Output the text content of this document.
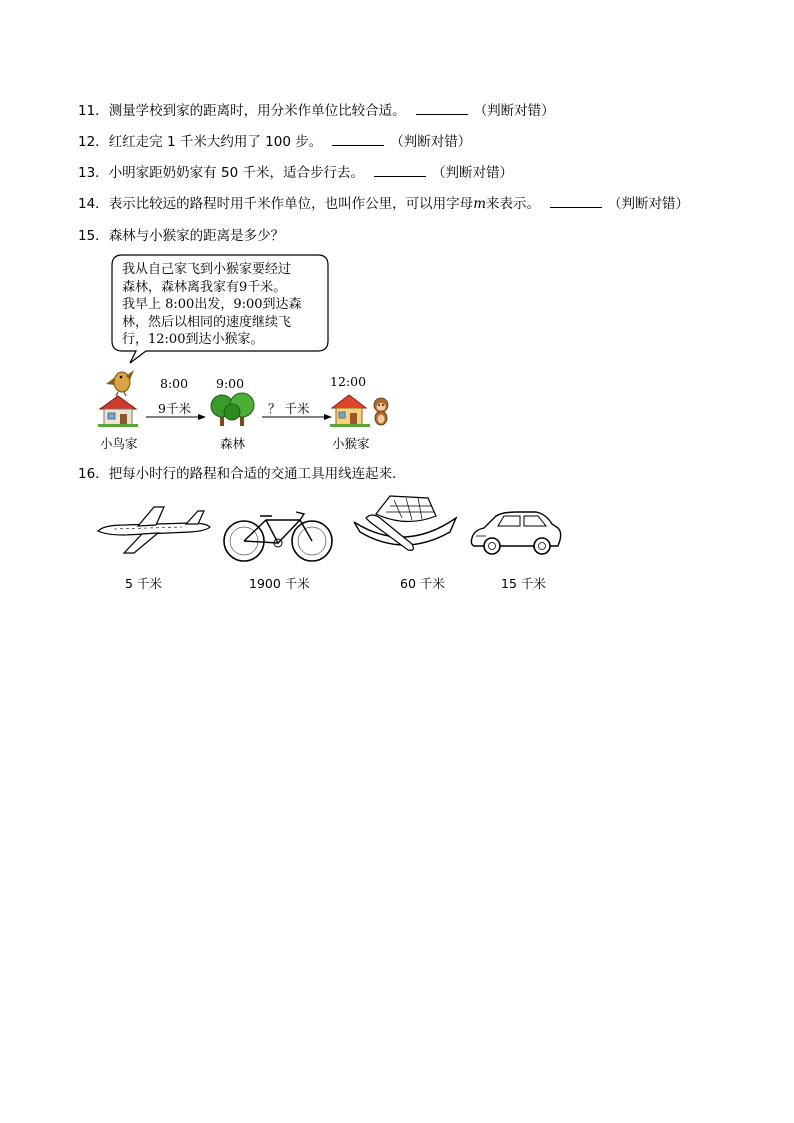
11．测量学校到家的距离时，用分米作单位比较合适。	（判断对错）
12．红红走完 1 千米大约用了 100 步。	（判断对错）
13．小明家距奶奶家有 50 千米，适合步行去。	（判断对错）
14．表示比较远的路程时用千米作单位，也叫作公里，可以用字母m来表示。	（判断对错）
15．森林与小猴家的距离是多少？
我从自己家飞到小猴家要经过
森林，森林离我家有9千米。
我早上 8:00出发，9:00到达森
林，然后以相同的速度继续飞
行，12:00到达小猴家。
8:00 9:00	12:00
9千米	？ 千米
小鸟家	森林	小猴家
16．把每小时行的路程和合适的交通工具用线连起来．
5 千米	1900 千米	60 千米	15 千米
